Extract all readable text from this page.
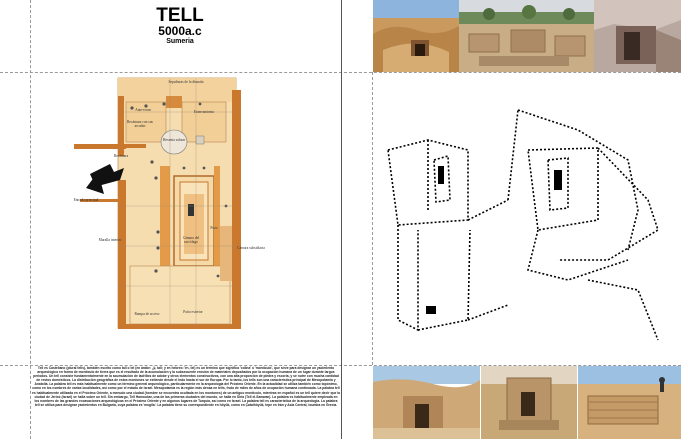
TELL
5000a.c
Sumeria
Sepulturas de la dinastía
Ante-room
Hexenia saloon
Recámara con sus arcadas
Enterramiento
Recámara
Cámara del sarcófago
Pozo
Muralla interior
Rampa de acceso	Patio exterior
Cámara subsidiaria
Entrada principal
Tell es Castellano (plural tells), también escrito como tall o tel (en árabe: تل, tall; y en hebreo: תל, tel) es un término que significa 'colina' o 'montículo', que sirve para designar un yacimiento arqueológico en forma de montículo de tierra que es el resultado de la acumulación y la subsecuente erosión de materiales depositados por la ocupación humana de un lugar durante largos periodos. Un tell consiste fundamentalmente en la acumulación de ladrillos de adobe y otros elementos constructivos, con una alta proporción de piedra y escoria, y se nutre con mucha cantidad de restos domésticos. La distribución geográfica de estos montones se extiende desde el Indo hasta el sur de Europa. Por lo tanto, los tells son una característica principal de Mesopotamia y Anatolia. La palabra tell es más habitualmente como un término general arqueológico, particularmente en la arqueología del Próximo Oriente. En la actualidad se utiliza también como topónimo, como en los nombres de varias localidades, así como por el estado de Israel. Mesopotamia es la región más densa en tells, fruto de miles de años de ocupación humana continuada. La palabra tell es habitualmente utilizada en el Próximo Oriente, a menudo una ciudad (hombre se encuentra ocultada en los montones) de un antiguo montículo, mientras en español es un tell quiere decir que la ciudad de Jericó (Israel) se halla sobre un tell. Sin embargo, Tell Hamoukar, una de las primeras ciudades del mundo, se halla en Siria (Tell el-Sawwan). La palabra es habitualmente empleada en los nombres de las grandes excavaciones arqueológicas en el Próximo Oriente y en algunos lugares de Turquía, así como en Israel. La palabra tell es característica de la arqueología. La palabra tell se utiliza para designar yacimientos en Bulgaria, cuya palabra es 'mogila'. La palabra tiene su correspondiente en höyük, como en Çatalhöyük, tepe en Irán y Asia Central, toumba en Grecia.
